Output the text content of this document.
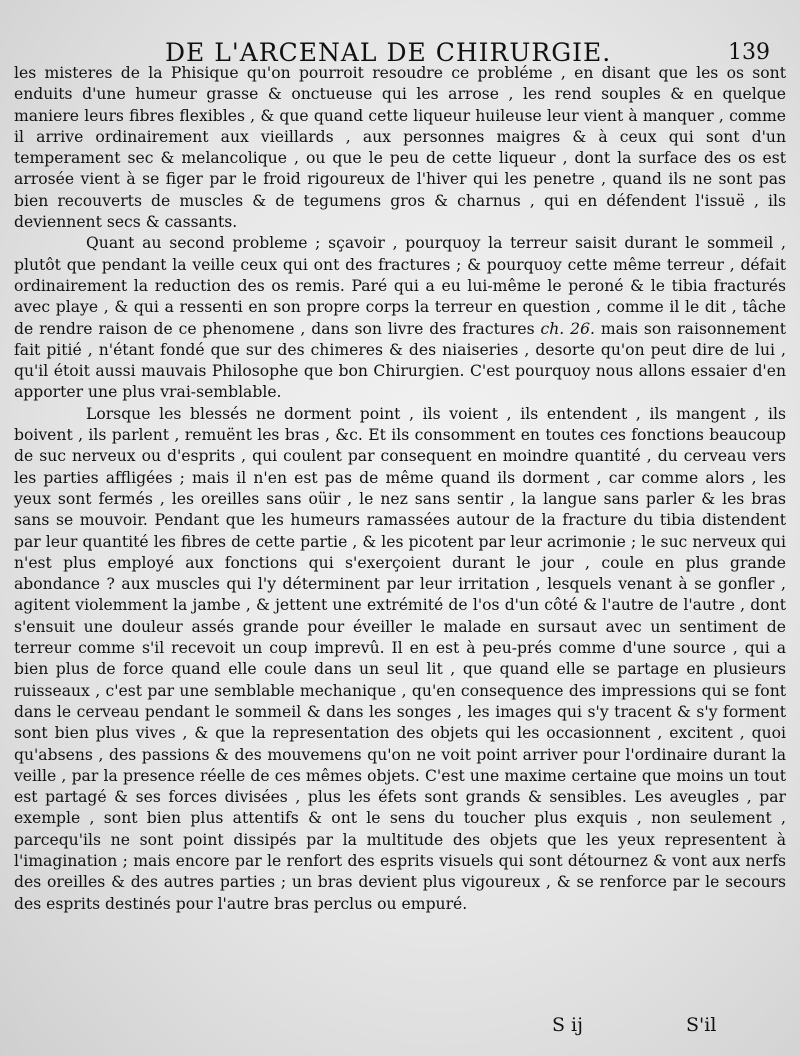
DE L'ARCENAL DE CHIRURGIE.	139

les misteres de la Phisique qu'on pourroit resoudre ce probléme , en disant que les os sont enduits d'une humeur grasse & onctueuse qui les arrose , les rend souples & en quelque maniere leurs fibres flexibles , & que quand cette liqueur huileuse leur vient à manquer , comme il arrive ordinairement aux vieillards , aux personnes maigres & à ceux qui sont d'un temperament sec & melancolique , ou que le peu de cette liqueur , dont la surface des os est arrosée vient à se figer par le froid rigoureux de l'hiver qui les penetre , quand ils ne sont pas bien recouverts de muscles & de tegumens gros & charnus , qui en défendent l'issuë , ils deviennent secs & cassants.

Quant au second probleme ; sçavoir , pourquoy la terreur saisit durant le sommeil , plutôt que pendant la veille ceux qui ont des fractures ; & pourquoy cette même terreur , défait ordinairement la reduction des os remis. Paré qui a eu lui-même le peroné & le tibia fracturés avec playe , & qui a ressenti en son propre corps la terreur en question , comme il le dit , tâche de rendre raison de ce phenomene , dans son livre des fractures ch. 26. mais son raisonnement fait pitié , n'étant fondé que sur des chimeres & des niaiseries , desorte qu'on peut dire de lui , qu'il étoit aussi mauvais Philosophe que bon Chirurgien. C'est pourquoy nous allons essaier d'en apporter une plus vrai-semblable.

Lorsque les blessés ne dorment point , ils voient , ils entendent , ils mangent , ils boivent , ils parlent , remuënt les bras , &c. Et ils consomment en toutes ces fonctions beaucoup de suc nerveux ou d'esprits , qui coulent par consequent en moindre quantité , du cerveau vers les parties affligées ; mais il n'en est pas de même quand ils dorment , car comme alors , les yeux sont fermés , les oreilles sans oüir , le nez sans sentir , la langue sans parler & les bras sans se mouvoir. Pendant que les humeurs ramassées autour de la fracture du tibia distendent par leur quantité les fibres de cette partie , & les picotent par leur acrimonie ; le suc nerveux qui n'est plus employé aux fonctions qui s'exerçoient durant le jour , coule en plus grande abondance ? aux muscles qui l'y déterminent par leur irritation , lesquels venant à se gonfler , agitent violemment la jambe , & jettent une extrémité de l'os d'un côté & l'autre de l'autre , dont s'ensuit une douleur assés grande pour éveiller le malade en sursaut avec un sentiment de terreur comme s'il recevoit un coup imprevû. Il en est à peu-prés comme d'une source , qui a bien plus de force quand elle coule dans un seul lit , que quand elle se partage en plusieurs ruisseaux , c'est par une semblable mechanique , qu'en consequence des impressions qui se font dans le cerveau pendant le sommeil & dans les songes , les images qui s'y tracent & s'y forment sont bien plus vives , & que la representation des objets qui les occasionnent , excitent , quoi qu'absens , des passions & des mouvemens qu'on ne voit point arriver pour l'ordinaire durant la veille , par la presence réelle de ces mêmes objets. C'est une maxime certaine que moins un tout est partagé & ses forces divisées , plus les éfets sont grands & sensibles. Les aveugles , par exemple , sont bien plus attentifs & ont le sens du toucher plus exquis , non seulement , parcequ'ils ne sont point dissipés par la multitude des objets que les yeux representent à l'imagination ; mais encore par le renfort des esprits visuels qui sont détournez & vont aux nerfs des oreilles & des autres parties ; un bras devient plus vigoureux , & se renforce par le secours des esprits destinés pour l'autre bras perclus ou empuré.

S ij	S'il
